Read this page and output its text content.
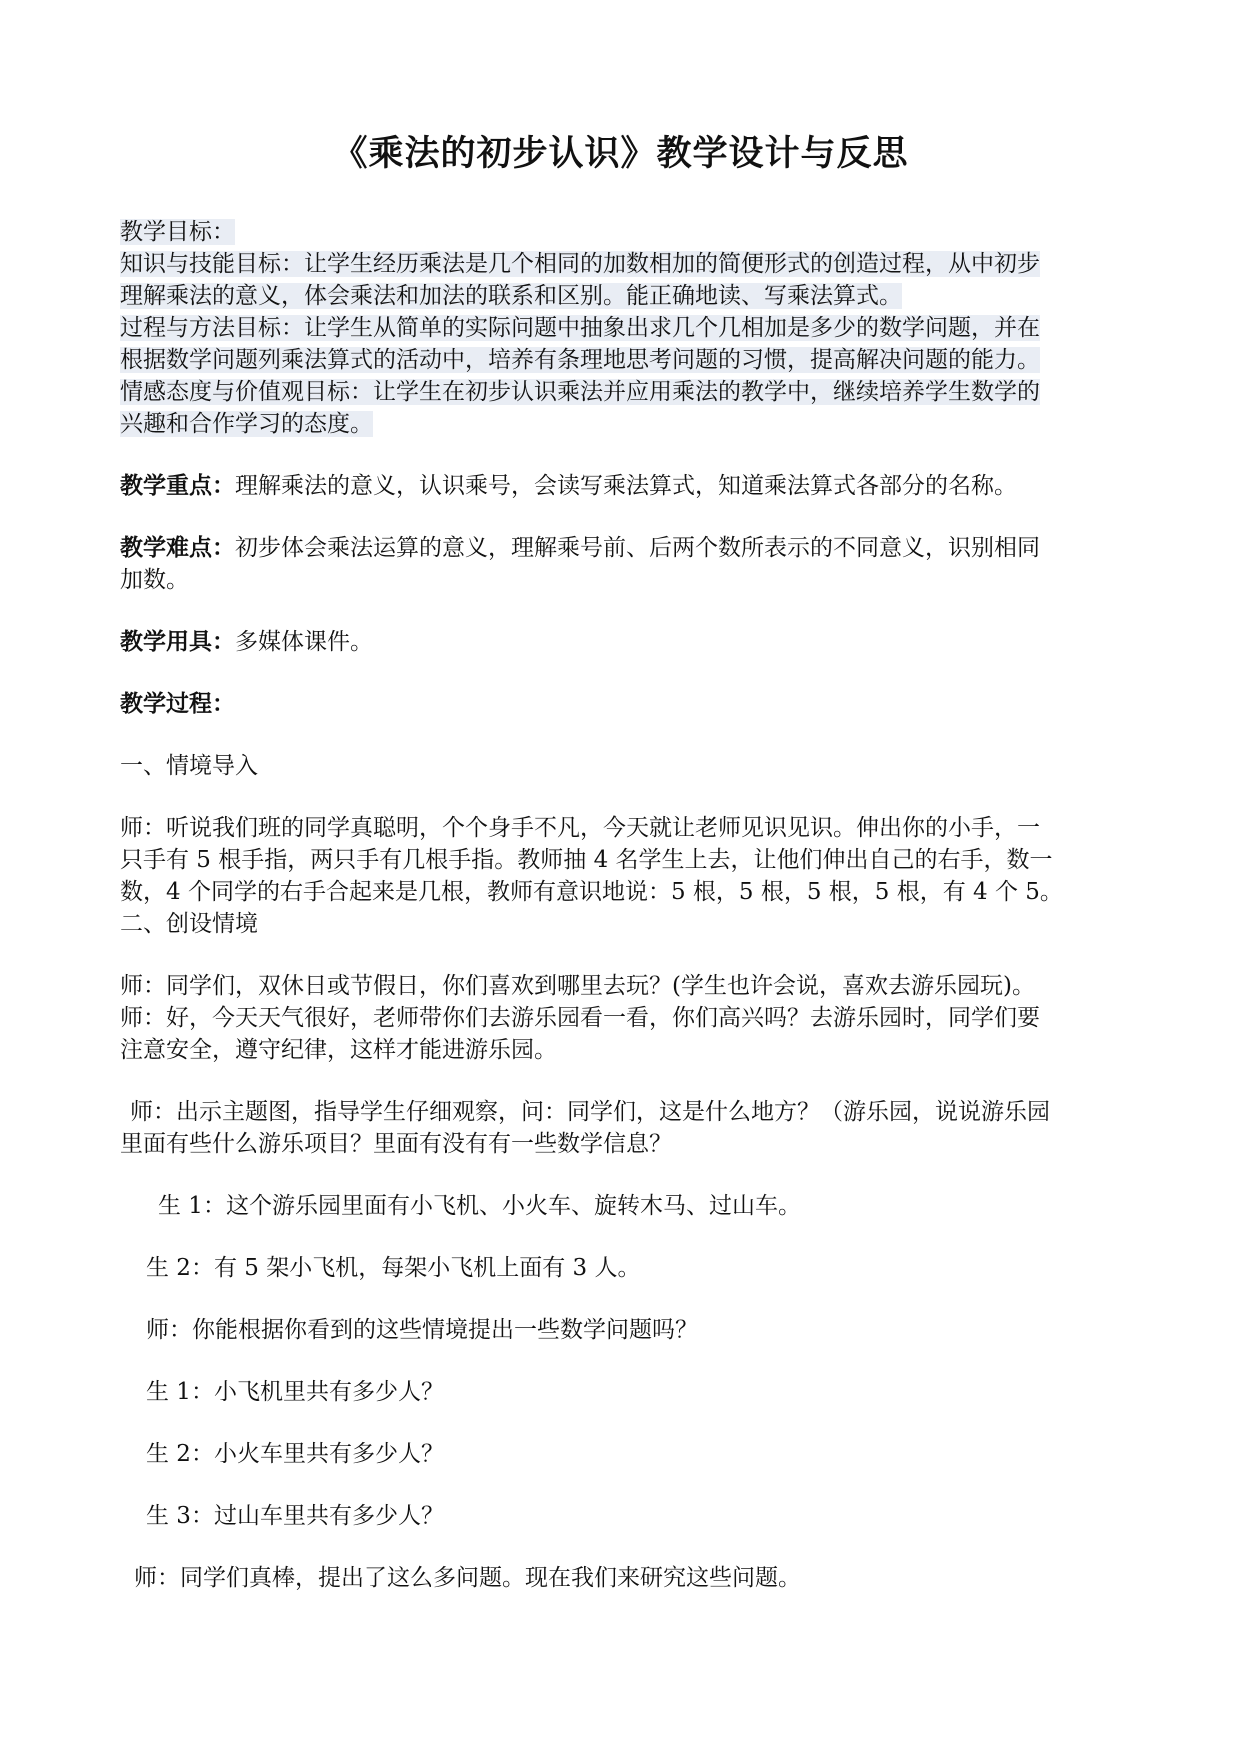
《乘法的初步认识》教学设计与反思

教学目标：

知识与技能目标：让学生经历乘法是几个相同的加数相加的简便形式的创造过程，从中初步

理解乘法的意义，体会乘法和加法的联系和区别。能正确地读、写乘法算式。

过程与方法目标：让学生从简单的实际问题中抽象出求几个几相加是多少的数学问题，并在

根据数学问题列乘法算式的活动中，培养有条理地思考问题的习惯，提高解决问题的能力。

情感态度与价值观目标：让学生在初步认识乘法并应用乘法的教学中，继续培养学生数学的

兴趣和合作学习的态度。

教学重点：理解乘法的意义，认识乘号，会读写乘法算式，知道乘法算式各部分的名称。

教学难点：初步体会乘法运算的意义，理解乘号前、后两个数所表示的不同意义，识别相同

加数。

教学用具：多媒体课件。

教学过程：

一、情境导入

师：听说我们班的同学真聪明，个个身手不凡，今天就让老师见识见识。伸出你的小手，一

只手有 5 根手指，两只手有几根手指。教师抽 4 名学生上去，让他们伸出自己的右手，数一

数，4 个同学的右手合起来是几根，教师有意识地说：5 根，5 根，5 根，5 根，有 4 个 5。

二、创设情境

师：同学们，双休日或节假日，你们喜欢到哪里去玩？(学生也许会说，喜欢去游乐园玩)。

师：好，今天天气很好，老师带你们去游乐园看一看，你们高兴吗？去游乐园时，同学们要

注意安全，遵守纪律，这样才能进游乐园。

师：出示主题图，指导学生仔细观察，问：同学们，这是什么地方？（游乐园，说说游乐园

里面有些什么游乐项目？里面有没有有一些数学信息？

生 1：这个游乐园里面有小飞机、小火车、旋转木马、过山车。

生 2：有 5 架小飞机，每架小飞机上面有 3 人。

师：你能根据你看到的这些情境提出一些数学问题吗？

生 1：小飞机里共有多少人？

生 2：小火车里共有多少人？

生 3：过山车里共有多少人？

师：同学们真棒，提出了这么多问题。现在我们来研究这些问题。
